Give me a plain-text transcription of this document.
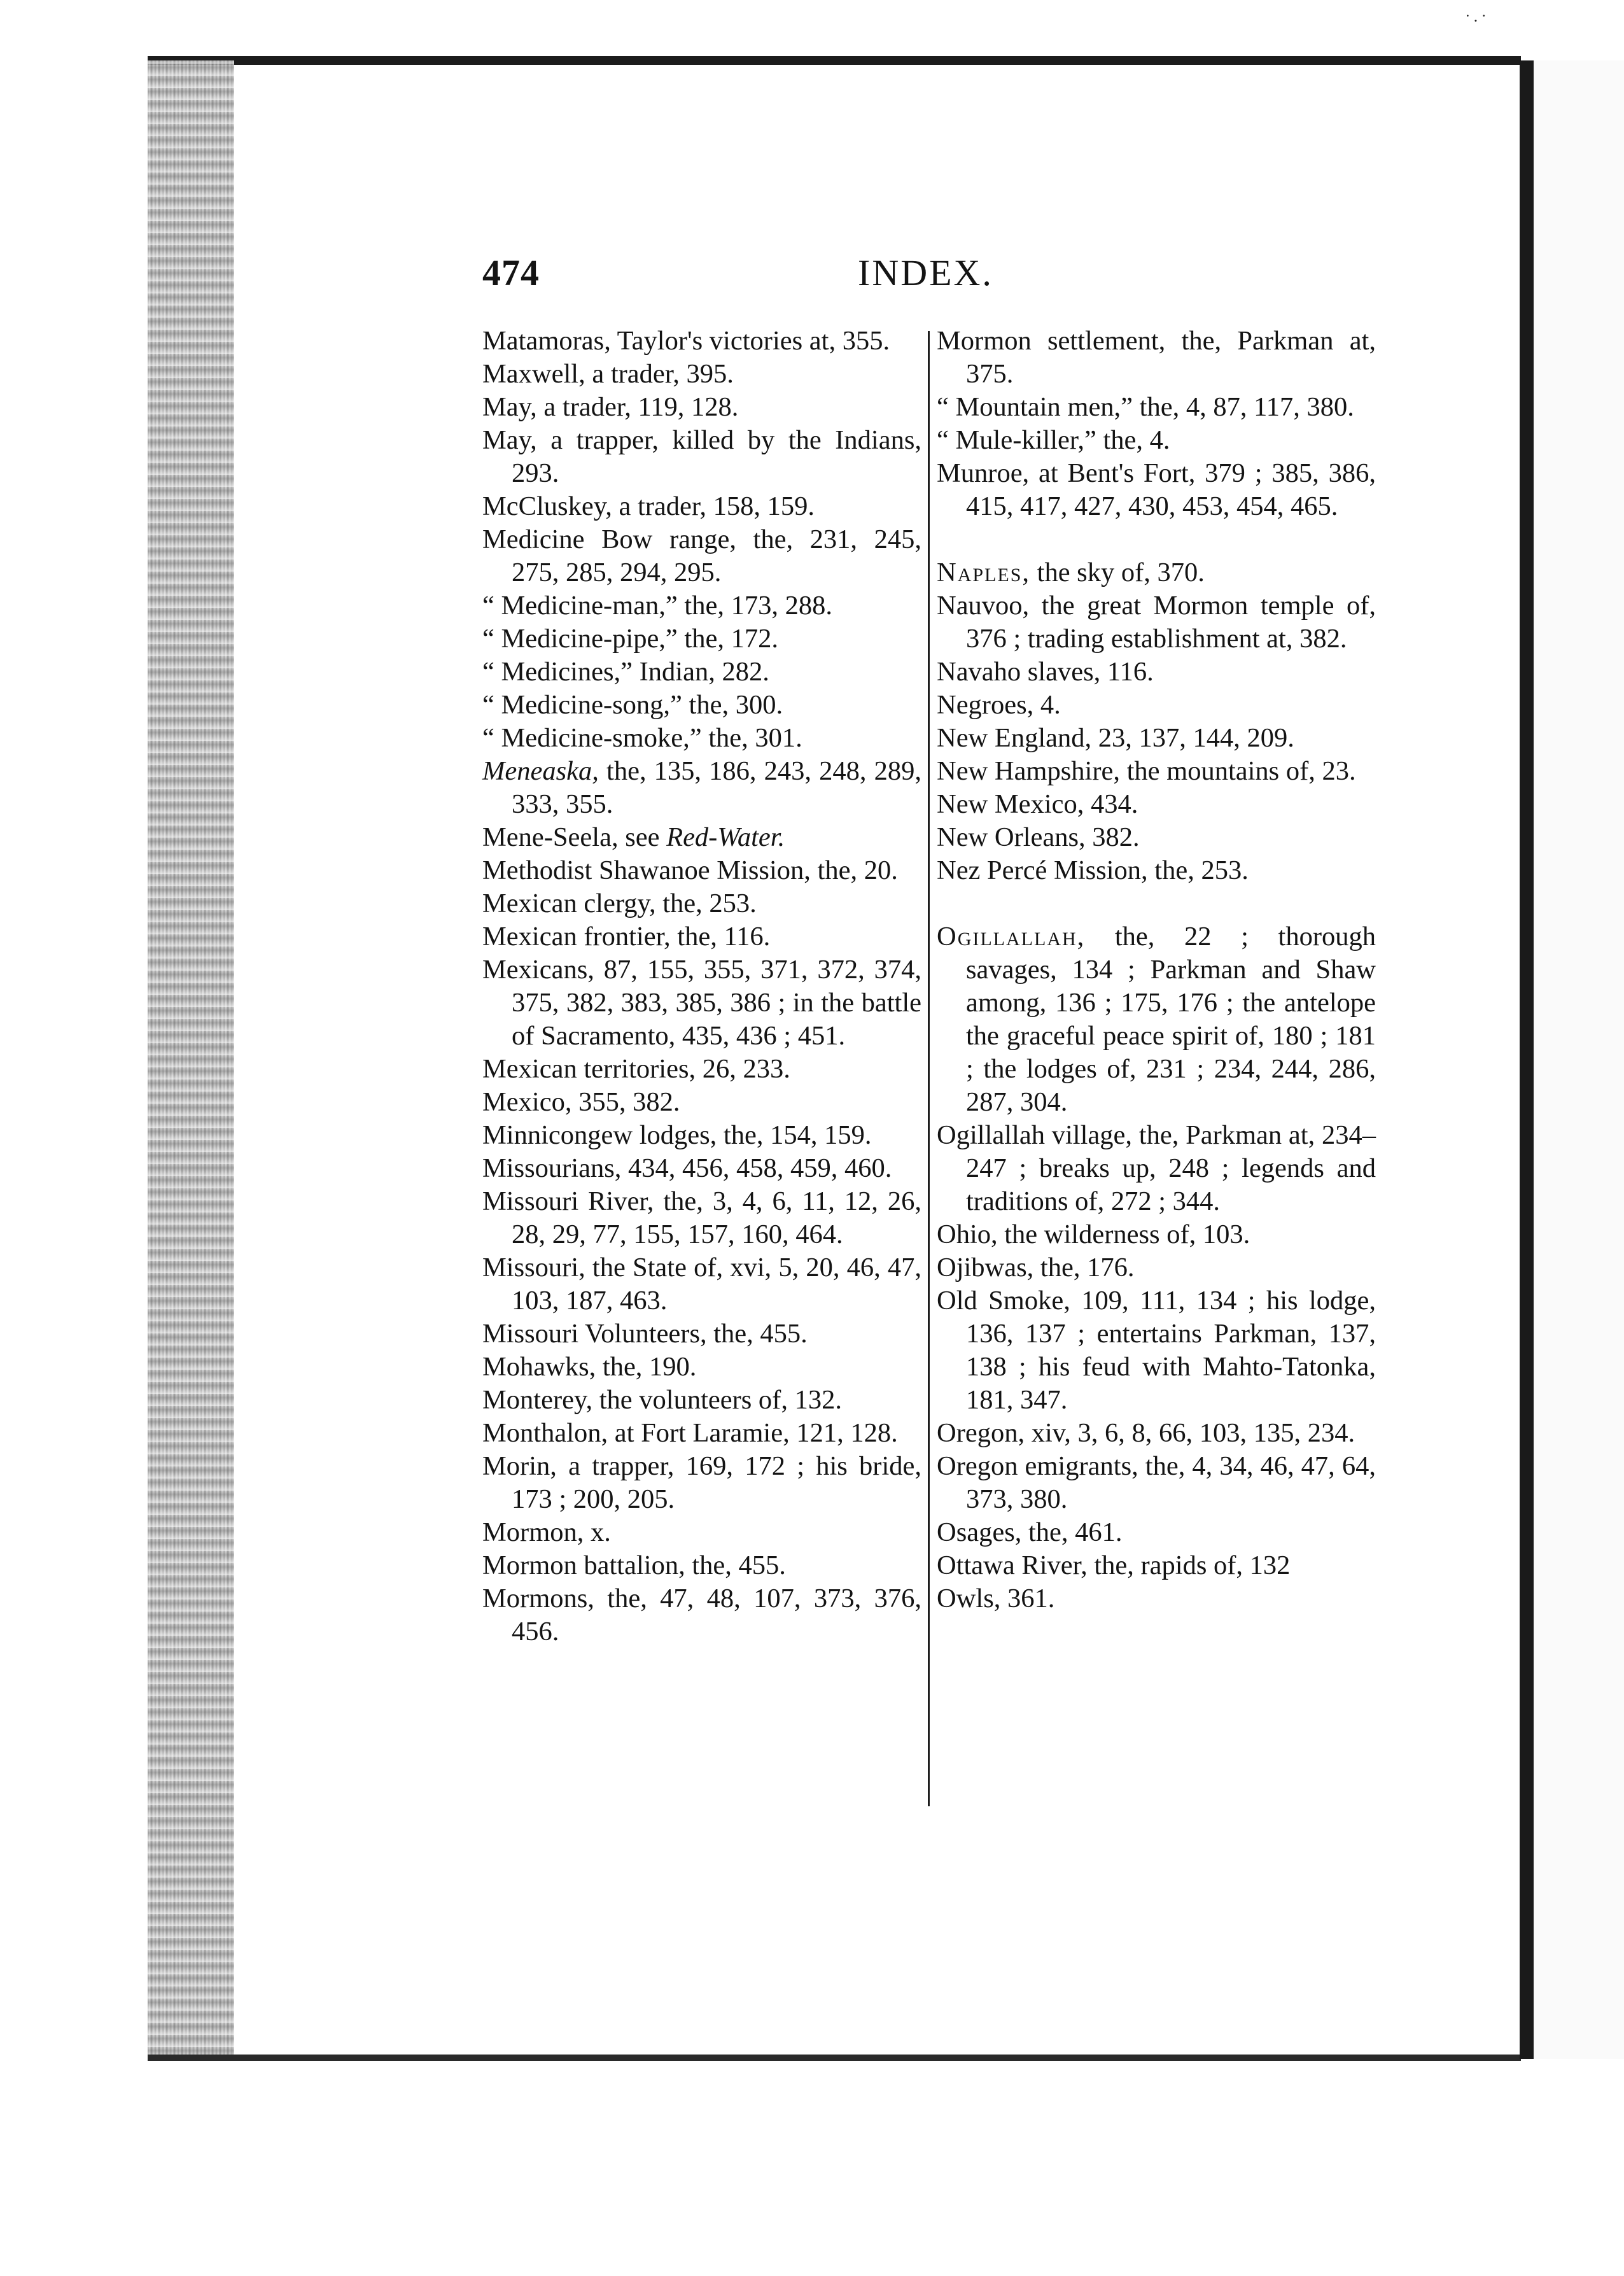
˙·˙
474	INDEX.

Matamoras, Taylor's victories at, 355.

Maxwell, a trader, 395.

May, a trader, 119, 128.

May, a trapper, killed by the Indians, 293.

McCluskey, a trader, 158, 159.

Medicine Bow range, the, 231, 245, 275, 285, 294, 295.

“ Medicine-man,” the, 173, 288.

“ Medicine-pipe,” the, 172.

“ Medicines,” Indian, 282.

“ Medicine-song,” the, 300.

“ Medicine-smoke,” the, 301.

Meneaska, the, 135, 186, 243, 248, 289, 333, 355.

Mene-Seela, see Red-Water.

Methodist Shawanoe Mission, the, 20.

Mexican clergy, the, 253.

Mexican frontier, the, 116.

Mexicans, 87, 155, 355, 371, 372, 374, 375, 382, 383, 385, 386 ; in the battle of Sacramento, 435, 436 ; 451.

Mexican territories, 26, 233.

Mexico, 355, 382.

Minnicongew lodges, the, 154, 159.

Missourians, 434, 456, 458, 459, 460.

Missouri River, the, 3, 4, 6, 11, 12, 26, 28, 29, 77, 155, 157, 160, 464.

Missouri, the State of, xvi, 5, 20, 46, 47, 103, 187, 463.

Missouri Volunteers, the, 455.

Mohawks, the, 190.

Monterey, the volunteers of, 132.

Monthalon, at Fort Laramie, 121, 128.

Morin, a trapper, 169, 172 ; his bride, 173 ; 200, 205.

Mormon, x.

Mormon battalion, the, 455.

Mormons, the, 47, 48, 107, 373, 376, 456.

Mormon settlement, the, Parkman at, 375.

“ Mountain men,” the, 4, 87, 117, 380.

“ Mule-killer,” the, 4.

Munroe, at Bent's Fort, 379 ; 385, 386, 415, 417, 427, 430, 453, 454, 465.

Naples, the sky of, 370.

Nauvoo, the great Mormon temple of, 376 ; trading establishment at, 382.

Navaho slaves, 116.

Negroes, 4.

New England, 23, 137, 144, 209.

New Hampshire, the mountains of, 23.

New Mexico, 434.

New Orleans, 382.

Nez Percé Mission, the, 253.

Ogillallah, the, 22 ; thorough savages, 134 ; Parkman and Shaw among, 136 ; 175, 176 ; the antelope the graceful peace spirit of, 180 ; 181 ; the lodges of, 231 ; 234, 244, 286, 287, 304.

Ogillallah village, the, Parkman at, 234–247 ; breaks up, 248 ; legends and traditions of, 272 ; 344.

Ohio, the wilderness of, 103.

Ojibwas, the, 176.

Old Smoke, 109, 111, 134 ; his lodge, 136, 137 ; entertains Parkman, 137, 138 ; his feud with Mahto-Tatonka, 181, 347.

Oregon, xiv, 3, 6, 8, 66, 103, 135, 234.

Oregon emigrants, the, 4, 34, 46, 47, 64, 373, 380.

Osages, the, 461.

Ottawa River, the, rapids of, 132

Owls, 361.
